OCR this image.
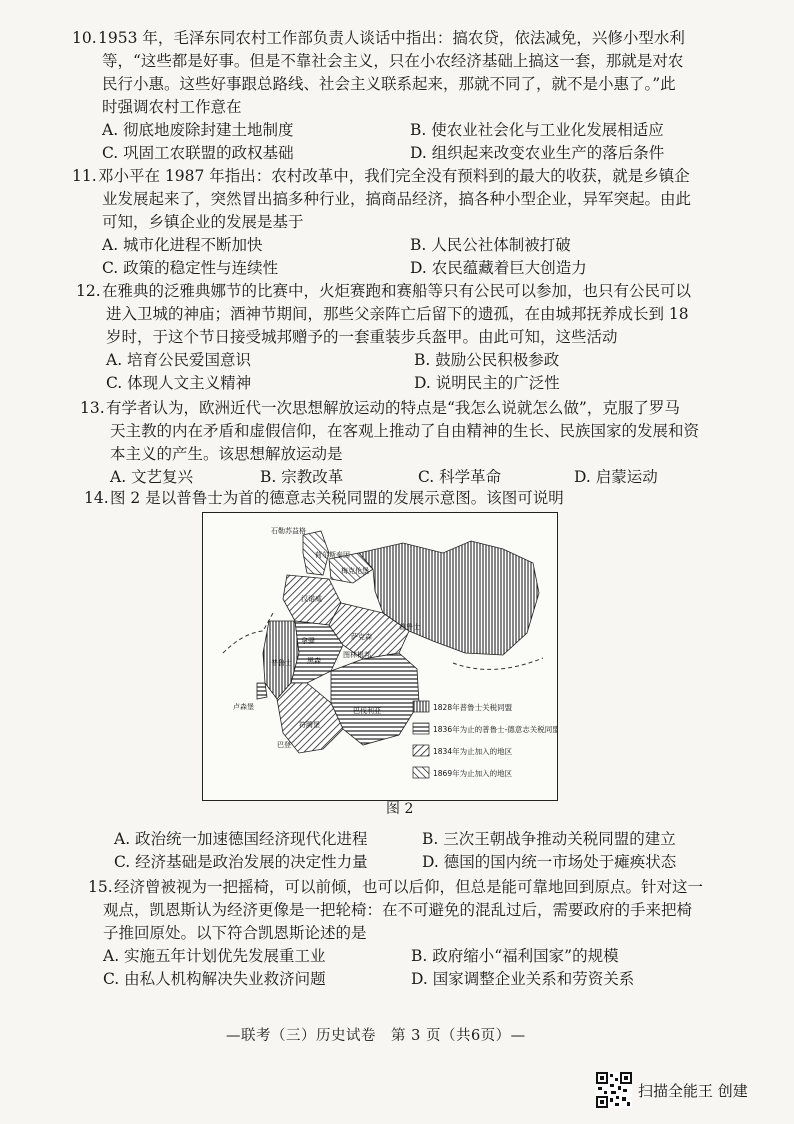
10.1953 年，毛泽东同农村工作部负责人谈话中指出：搞农贷，依法减免，兴修小型水利
等，“这些都是好事。但是不靠社会主义，只在小农经济基础上搞这一套，那就是对农
民行小惠。这些好事跟总路线、社会主义联系起来，那就不同了，就不是小惠了。”此
时强调农村工作意在
A. 彻底地废除封建土地制度	B. 使农业社会化与工业化发展相适应
C. 巩固工农联盟的政权基础	D. 组织起来改变农业生产的落后条件
11.邓小平在 1987 年指出：农村改革中，我们完全没有预料到的最大的收获，就是乡镇企
业发展起来了，突然冒出搞多种行业，搞商品经济，搞各种小型企业，异军突起。由此
可知，乡镇企业的发展是基于
A. 城市化进程不断加快	B. 人民公社体制被打破
C. 政策的稳定性与连续性	D. 农民蕴藏着巨大创造力
12.在雅典的泛雅典娜节的比赛中，火炬赛跑和赛船等只有公民可以参加，也只有公民可以
进入卫城的神庙；酒神节期间，那些父亲阵亡后留下的遗孤，在由城邦抚养成长到 18
岁时，于这个节日接受城邦赠予的一套重装步兵盔甲。由此可知，这些活动
A. 培育公民爱国意识	B. 鼓励公民积极参政
C. 体现人文主义精神	D. 说明民主的广泛性
13.有学者认为，欧洲近代一次思想解放运动的特点是“我怎么说就怎么做”，克服了罗马
天主教的内在矛盾和虚假信仰，在客观上推动了自由精神的生长、民族国家的发展和资
本主义的产生。该思想解放运动是
A. 文艺复兴	B. 宗教改革	C. 科学革命	D. 启蒙运动
14.图 2 是以普鲁士为首的德意志关税同盟的发展示意图。该图可说明
石勒苏益格
荷尔斯泰因
梅克伦堡
汉诺威
普鲁士
普鲁士
萨克森
拿骚
黑森
卢森堡	巴伐利亚
符腾堡
巴登
图林根邦
1828年普鲁士关税同盟
1836年为止的普鲁士-德意志关税同盟
1834年为止加入的地区
1869年为止加入的地区
图 2
A. 政治统一加速德国经济现代化进程	B. 三次王朝战争推动关税同盟的建立
C. 经济基础是政治发展的决定性力量	D. 德国的国内统一市场处于瘫痪状态
15.经济曾被视为一把摇椅，可以前倾，也可以后仰，但总是能可靠地回到原点。针对这一
观点，凯恩斯认为经济更像是一把轮椅：在不可避免的混乱过后，需要政府的手来把椅
子推回原处。以下符合凯恩斯论述的是
A. 实施五年计划优先发展重工业	B. 政府缩小“福利国家”的规模
C. 由私人机构解决失业救济问题	D. 国家调整企业关系和劳资关系
—联考（三）历史试卷　第 3 页（共6页）—
扫描全能王 创建
